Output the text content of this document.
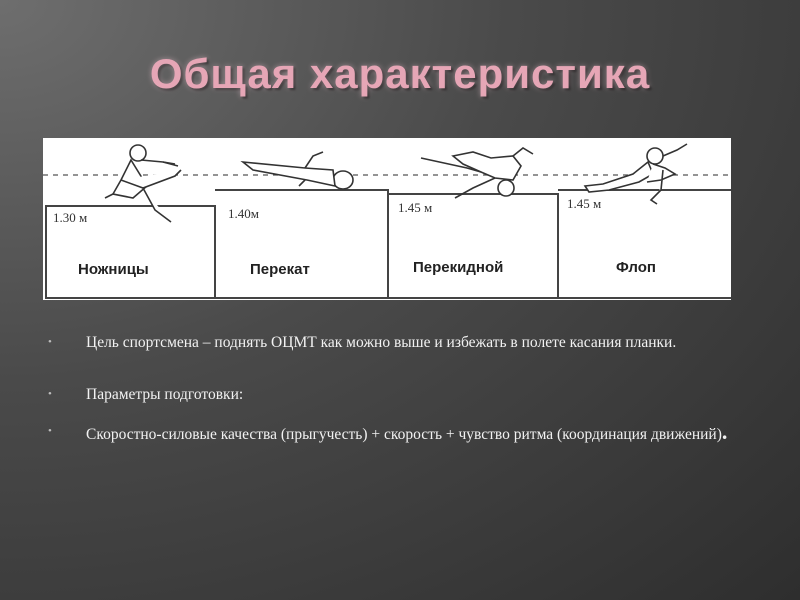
Общая характеристика
1.30 м	1.40м	1.45 м	1.45 м
Ножницы	Перекат	Перекидной	Флоп
•	Цель спортсмена – поднять ОЦМТ как можно выше и избежать в полете касания планки.
•	Параметры подготовки:
•	Скоростно-силовые качества (прыгучесть) + скорость + чувство ритма (координация движений).
